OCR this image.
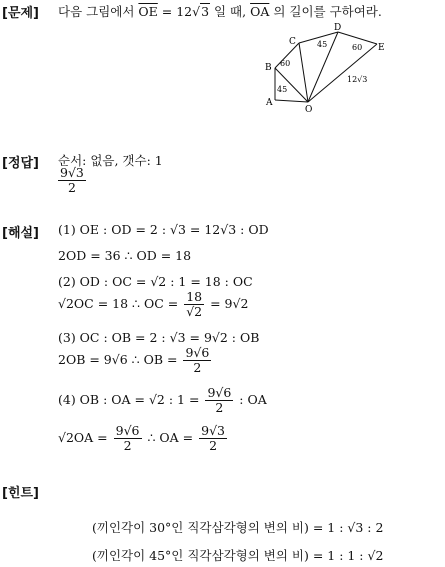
[문제] 다음 그림에서 $\overline{OE} = 12√3$ 일 때, $\overline{OA}$ 의 길이를 구하여라.
A
B
C
D
E
O
45
60
45	60
12√3
[정답] 순서: 없음, 갯수: 1
$\frac{9√3}{2}$
[해설] (1) OE : OD = 2 : √3 = 12√3 : OD
2OD = 36 ∴ OD = 18
(2) OD : OC = √2 : 1 = 18 : OC
√2OC = 18 ∴ OC = $\frac{18}{√2} = 9√2$
(3) OC : OB = 2 : √3 = 9√2 : OB
2OB = 9√6 ∴ OB = $\frac{9√6}{2}$
(4) OB : OA = √2 : $1 = \frac{9√6}{2}$ : OA
$√2OA = \frac{9√6}{2}$ ∴ OA = $\frac{9√3}{2}$
[힌트]
(끼인각이 30°인 직각삼각형의 변의 비) = 1 : √3 : 2
(끼인각이 45°인 직각삼각형의 변의 비) = 1 : 1 : √2
